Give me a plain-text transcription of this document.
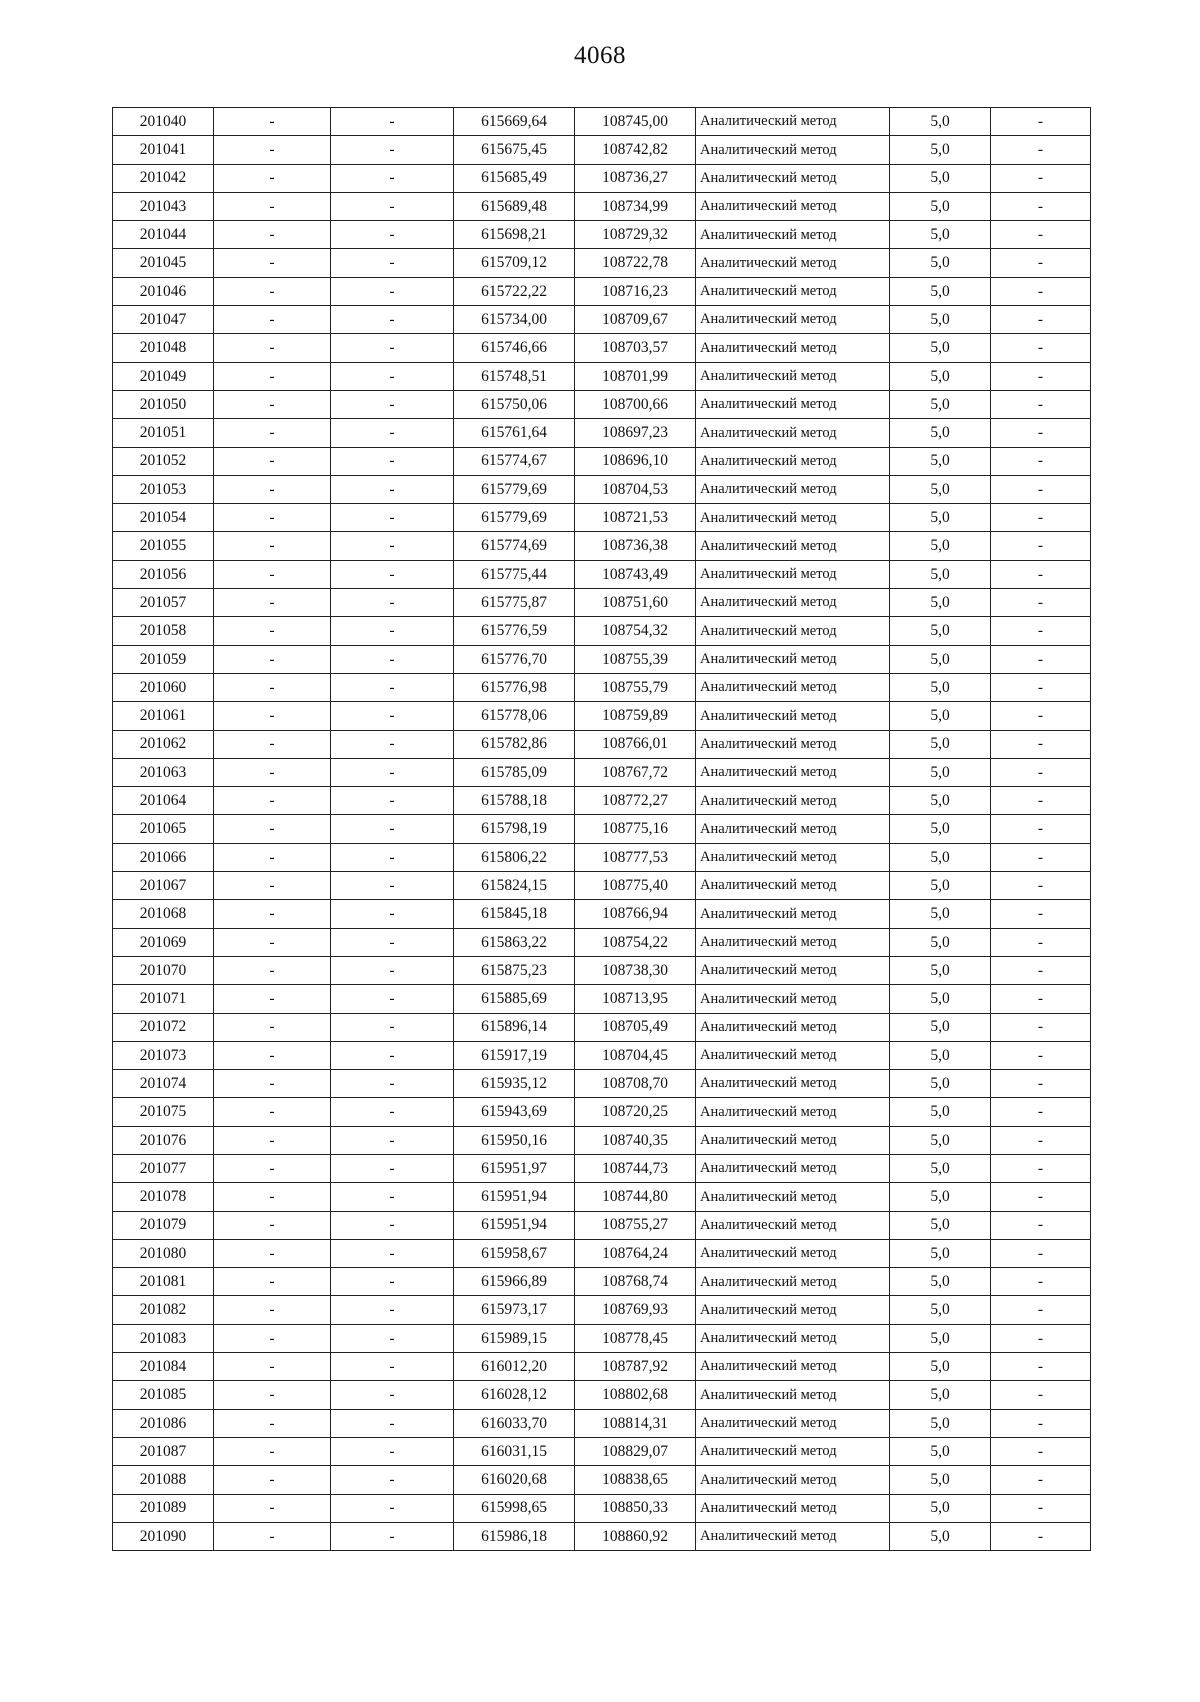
4068
201040	-	-	615669,64	108745,00	Аналитический метод	5,0	-
201041	-	-	615675,45	108742,82	Аналитический метод	5,0	-
201042	-	-	615685,49	108736,27	Аналитический метод	5,0	-
201043	-	-	615689,48	108734,99	Аналитический метод	5,0	-
201044	-	-	615698,21	108729,32	Аналитический метод	5,0	-
201045	-	-	615709,12	108722,78	Аналитический метод	5,0	-
201046	-	-	615722,22	108716,23	Аналитический метод	5,0	-
201047	-	-	615734,00	108709,67	Аналитический метод	5,0	-
201048	-	-	615746,66	108703,57	Аналитический метод	5,0	-
201049	-	-	615748,51	108701,99	Аналитический метод	5,0	-
201050	-	-	615750,06	108700,66	Аналитический метод	5,0	-
201051	-	-	615761,64	108697,23	Аналитический метод	5,0	-
201052	-	-	615774,67	108696,10	Аналитический метод	5,0	-
201053	-	-	615779,69	108704,53	Аналитический метод	5,0	-
201054	-	-	615779,69	108721,53	Аналитический метод	5,0	-
201055	-	-	615774,69	108736,38	Аналитический метод	5,0	-
201056	-	-	615775,44	108743,49	Аналитический метод	5,0	-
201057	-	-	615775,87	108751,60	Аналитический метод	5,0	-
201058	-	-	615776,59	108754,32	Аналитический метод	5,0	-
201059	-	-	615776,70	108755,39	Аналитический метод	5,0	-
201060	-	-	615776,98	108755,79	Аналитический метод	5,0	-
201061	-	-	615778,06	108759,89	Аналитический метод	5,0	-
201062	-	-	615782,86	108766,01	Аналитический метод	5,0	-
201063	-	-	615785,09	108767,72	Аналитический метод	5,0	-
201064	-	-	615788,18	108772,27	Аналитический метод	5,0	-
201065	-	-	615798,19	108775,16	Аналитический метод	5,0	-
201066	-	-	615806,22	108777,53	Аналитический метод	5,0	-
201067	-	-	615824,15	108775,40	Аналитический метод	5,0	-
201068	-	-	615845,18	108766,94	Аналитический метод	5,0	-
201069	-	-	615863,22	108754,22	Аналитический метод	5,0	-
201070	-	-	615875,23	108738,30	Аналитический метод	5,0	-
201071	-	-	615885,69	108713,95	Аналитический метод	5,0	-
201072	-	-	615896,14	108705,49	Аналитический метод	5,0	-
201073	-	-	615917,19	108704,45	Аналитический метод	5,0	-
201074	-	-	615935,12	108708,70	Аналитический метод	5,0	-
201075	-	-	615943,69	108720,25	Аналитический метод	5,0	-
201076	-	-	615950,16	108740,35	Аналитический метод	5,0	-
201077	-	-	615951,97	108744,73	Аналитический метод	5,0	-
201078	-	-	615951,94	108744,80	Аналитический метод	5,0	-
201079	-	-	615951,94	108755,27	Аналитический метод	5,0	-
201080	-	-	615958,67	108764,24	Аналитический метод	5,0	-
201081	-	-	615966,89	108768,74	Аналитический метод	5,0	-
201082	-	-	615973,17	108769,93	Аналитический метод	5,0	-
201083	-	-	615989,15	108778,45	Аналитический метод	5,0	-
201084	-	-	616012,20	108787,92	Аналитический метод	5,0	-
201085	-	-	616028,12	108802,68	Аналитический метод	5,0	-
201086	-	-	616033,70	108814,31	Аналитический метод	5,0	-
201087	-	-	616031,15	108829,07	Аналитический метод	5,0	-
201088	-	-	616020,68	108838,65	Аналитический метод	5,0	-
201089	-	-	615998,65	108850,33	Аналитический метод	5,0	-
201090	-	-	615986,18	108860,92	Аналитический метод	5,0	-
